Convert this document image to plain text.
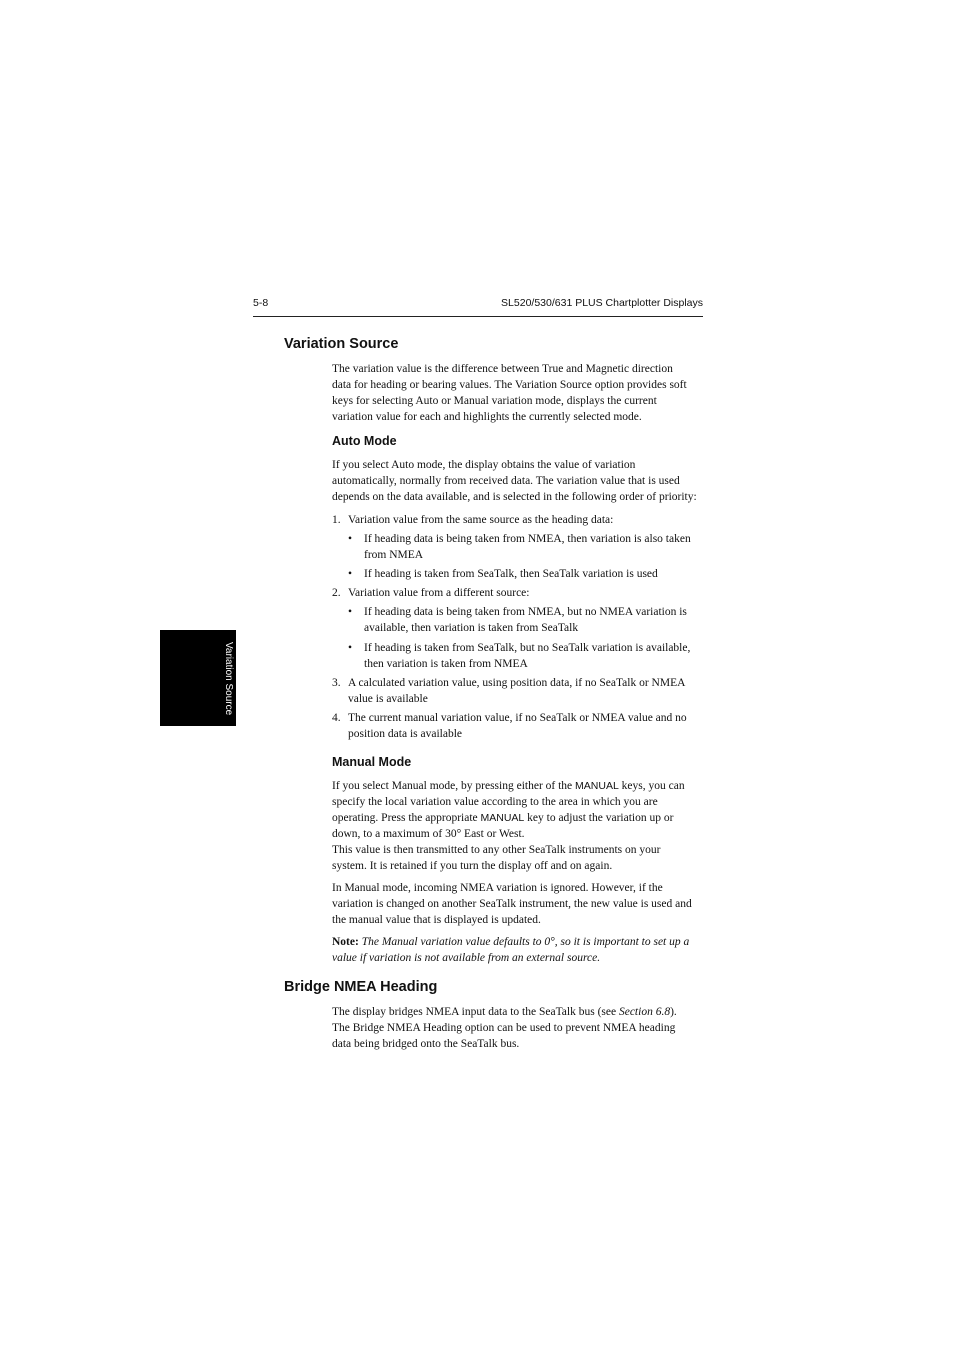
5-8	SL520/530/631 PLUS Chartplotter Displays
Variation Source
Variation Source

The variation value is the difference between True and Magnetic direction
data for heading or bearing values. The Variation Source option provides soft
keys for selecting Auto or Manual variation mode, displays the current
variation value for each and highlights the currently selected mode.

Auto Mode

If you select Auto mode, the display obtains the value of variation
automatically, normally from received data. The variation value that is used
depends on the data available, and is selected in the following order of priority:

1. Variation value from the same source as the heading data:
• If heading data is being taken from NMEA, then variation is also taken
from NMEA
• If heading is taken from SeaTalk, then SeaTalk variation is used
2. Variation value from a different source:
• If heading data is being taken from NMEA, but no NMEA variation is
available, then variation is taken from SeaTalk
• If heading is taken from SeaTalk, but no SeaTalk variation is available,
then variation is taken from NMEA
3. A calculated variation value, using position data, if no SeaTalk or NMEA
value is available
4. The current manual variation value, if no SeaTalk or NMEA value and no
position data is available
Manual Mode

If you select Manual mode, by pressing either of the MANUAL keys, you can
specify the local variation value according to the area in which you are
operating. Press the appropriate MANUAL key to adjust the variation up or
down, to a maximum of 30° East or West.
This value is then transmitted to any other SeaTalk instruments on your
system. It is retained if you turn the display off and on again.

In Manual mode, incoming NMEA variation is ignored. However, if the
variation is changed on another SeaTalk instrument, the new value is used and
the manual value that is displayed is updated.

Note: The Manual variation value defaults to 0°, so it is important to set up a
value if variation is not available from an external source.

Bridge NMEA Heading

The display bridges NMEA input data to the SeaTalk bus (see Section 6.8).
The Bridge NMEA Heading option can be used to prevent NMEA heading
data being bridged onto the SeaTalk bus.
